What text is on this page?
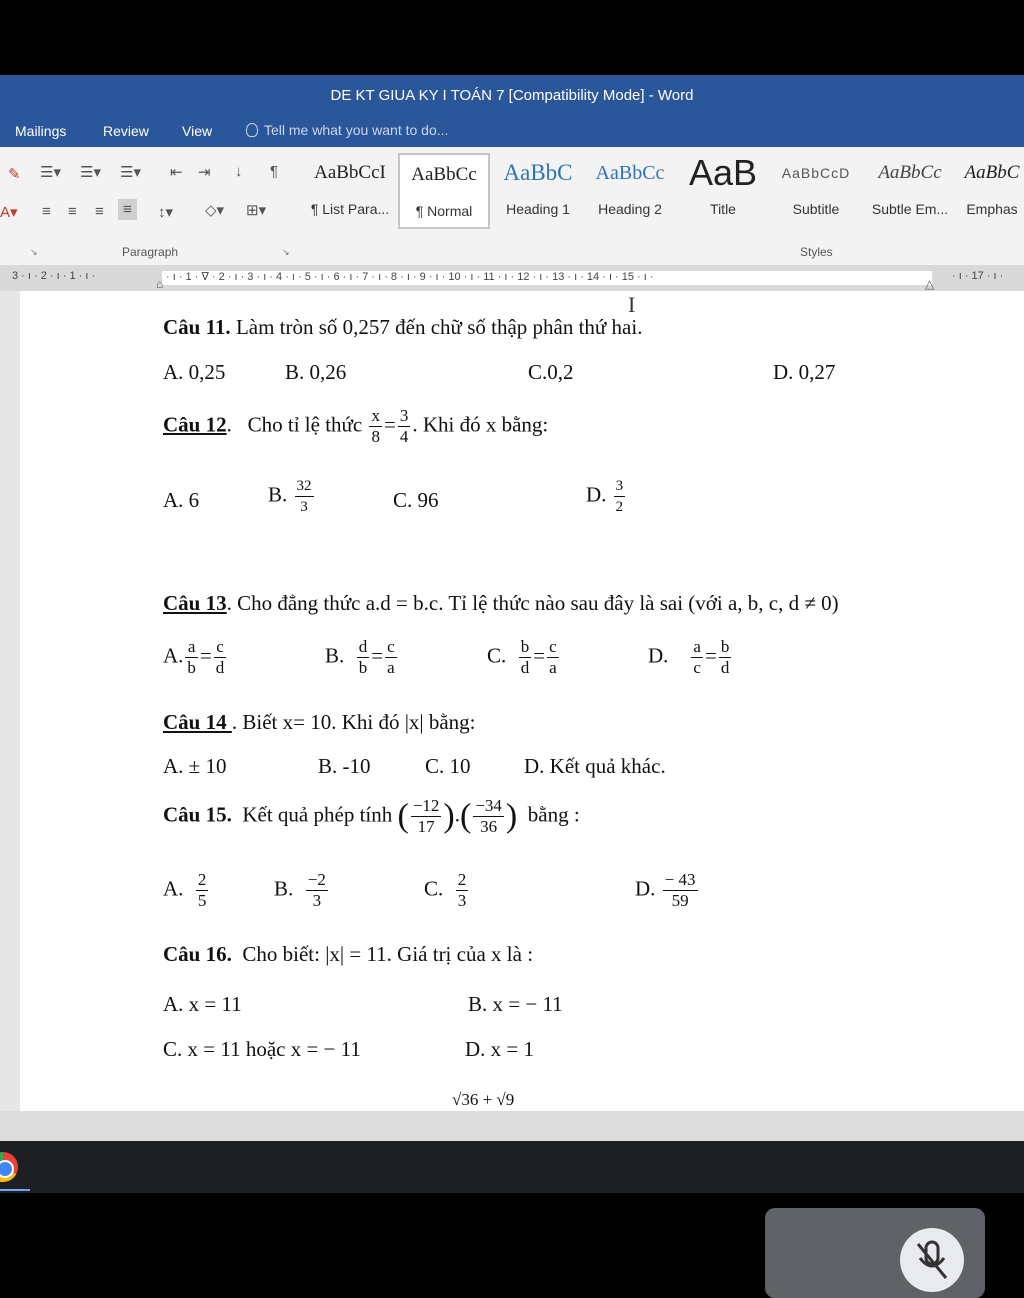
DE KT GIUA KY I TOÁN 7 [Compatibility Mode] - Word
Mailings	Review View	Tell me what you want to do...
✎ ☰▾ ☰▾ ☰▾ ⇤ ⇥ ↓ ¶
A▾ ≡ ≡ ≡	≡	↕▾ ◇▾ ⊞▾
Paragraph	↘
↘
AaBbCcI
¶ List Para...
AaBbCc
¶ Normal
AaBbC
Heading 1
AaBbCc
Heading 2
AaB
Title
AaBbCcD
Subtitle
AaBbCc
Subtle Em...
AaBbC
Emphas
Styles
3 · ı · 2 · ı · 1 · ı ·	· ı · 1 · ∇ · 2 · ı · 3 · ı · 4 · ı · 5 · ı · 6 · ı · 7 · ı · 8 · ı · 9 · ı · 10 · ı · 11 · ı · 12 · ı · 13 · ı · 14 · ı · 15 · ı ·	· ı · 17 · ı ·
⌂	△
I
Câu 11. Làm tròn số 0,257 đến chữ số thập phân thứ hai.
A. 0,25	B. 0,26	C.0,2	D. 0,27
Câu 12. Cho tỉ lệ thức $\frac{x}{8} = \frac{3}{4}$ . Khi đó x bằng:
A. 6	B. $\frac{32}{3}$	C. 96	D. $\frac{3}{2}$
Câu 13. Cho đẳng thức a.d = b.c. Tỉ lệ thức nào sau đây là sai (với a, b, c, d ≠ 0)
A. $\frac{a}{b} = \frac{c}{d}$	B. $\frac{d}{b} = \frac{c}{a}$	C. $\frac{b}{d} = \frac{c}{a}$	D. $\frac{a}{c} = \frac{b}{d}$
Câu 14 . Biết x= 10. Khi đó |x| bằng:
A. ± 10	B. -10	C. 10	D. Kết quả khác.
Câu 15. Kết quả phép tính ( $\frac{-12}{17}$ ).( $\frac{-34}{36}$ ) bằng :
A. $\frac{2}{5}$	B. $\frac{-2}{3}$	C. $\frac{2}{3}$	D. $\frac{- 43}{59}$
Câu 16. Cho biết: |x| = 11. Giá trị của x là :
A. x = 11	B. x = − 11
C. x = 11 hoặc x = − 11	D. x = 1
√36 + √9
